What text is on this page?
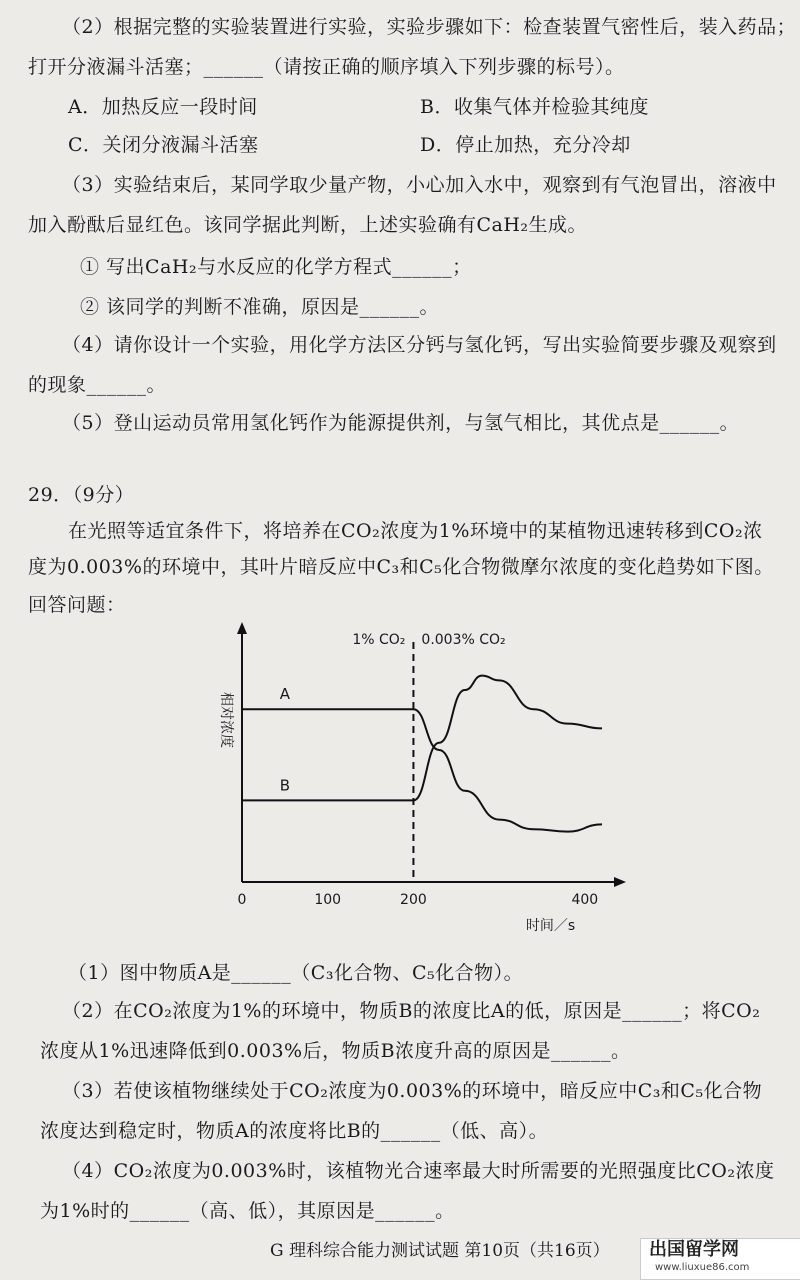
（2）根据完整的实验装置进行实验，实验步骤如下：检查装置气密性后，装入药品；
打开分液漏斗活塞；______（请按正确的顺序填入下列步骤的标号）。
A．加热反应一段时间	B．收集气体并检验其纯度
C．关闭分液漏斗活塞	D．停止加热，充分冷却
（3）实验结束后，某同学取少量产物，小心加入水中，观察到有气泡冒出，溶液中
加入酚酞后显红色。该同学据此判断，上述实验确有CaH₂生成。
① 写出CaH₂与水反应的化学方程式______；
② 该同学的判断不准确，原因是______。
（4）请你设计一个实验，用化学方法区分钙与氢化钙，写出实验简要步骤及观察到
的现象______。
（5）登山运动员常用氢化钙作为能源提供剂，与氢气相比，其优点是______。
29．（9分）
在光照等适宜条件下，将培养在CO₂浓度为1%环境中的某植物迅速转移到CO₂浓
度为0.003%的环境中，其叶片暗反应中C₃和C₅化合物微摩尔浓度的变化趋势如下图。
回答问题：
（1）图中物质A是______（C₃化合物、C₅化合物）。
（2）在CO₂浓度为1%的环境中，物质B的浓度比A的低，原因是______；将CO₂
浓度从1%迅速降低到0.003%后，物质B浓度升高的原因是______。
（3）若使该植物继续处于CO₂浓度为0.003%的环境中，暗反应中C₃和C₅化合物
浓度达到稳定时，物质A的浓度将比B的______（低、高）。
（4）CO₂浓度为0.003%时，该植物光合速率最大时所需要的光照强度比CO₂浓度
为1%时的______（高、低），其原因是______。
0	100	200	400
时间／s
相对浓度
1% CO₂ 0.003% CO₂
A
B
G 理科综合能力测试试题 第10页（共16页）	出国留学网
www.liuxue86.com
